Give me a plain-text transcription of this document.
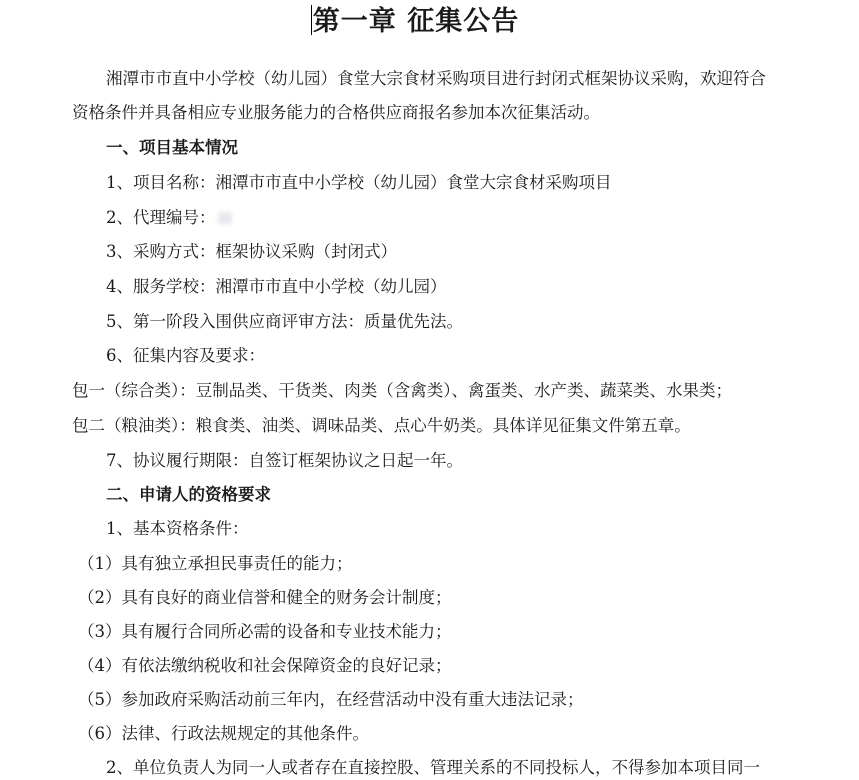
第一章 征集公告
湘潭市市直中小学校（幼儿园）食堂大宗食材采购项目进行封闭式框架协议采购，欢迎符合
资格条件并具备相应专业服务能力的合格供应商报名参加本次征集活动。
一、项目基本情况
1、项目名称：湘潭市市直中小学校（幼儿园）食堂大宗食材采购项目
2、代理编号：
3、采购方式：框架协议采购（封闭式）
4、服务学校：湘潭市市直中小学校（幼儿园）
5、第一阶段入围供应商评审方法：质量优先法。
6、征集内容及要求：
包一（综合类）：豆制品类、干货类、肉类（含禽类）、禽蛋类、水产类、蔬菜类、水果类；
包二（粮油类）：粮食类、油类、调味品类、点心牛奶类。具体详见征集文件第五章。
7、协议履行期限：自签订框架协议之日起一年。
二、申请人的资格要求
1、基本资格条件：
（1）具有独立承担民事责任的能力；
（2）具有良好的商业信誉和健全的财务会计制度；
（3）具有履行合同所必需的设备和专业技术能力；
（4）有依法缴纳税收和社会保障资金的良好记录；
（5）参加政府采购活动前三年内，在经营活动中没有重大违法记录；
（6）法律、行政法规规定的其他条件。
2、单位负责人为同一人或者存在直接控股、管理关系的不同投标人，不得参加本项目同一
